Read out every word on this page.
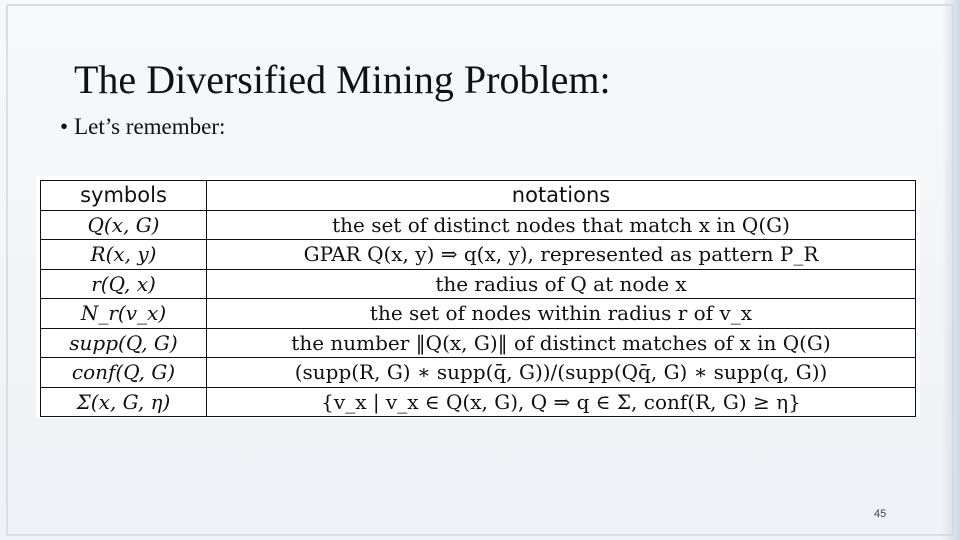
The Diversified Mining Problem:
• Let’s remember:
symbols	notations
Q(x, G)	the set of distinct nodes that match x in Q(G)
R(x, y)	GPAR Q(x, y) ⇒ q(x, y), represented as pattern P_R
r(Q, x)	the radius of Q at node x
N_r(v_x)	the set of nodes within radius r of v_x
supp(Q, G)	the number ‖Q(x, G)‖ of distinct matches of x in Q(G)
conf(Q, G)	(supp(R, G) ∗ supp(q̄, G))/(supp(Qq̄, G) ∗ supp(q, G))
Σ(x, G, η)	{v_x | v_x ∈ Q(x, G), Q ⇒ q ∈ Σ, conf(R, G) ≥ η}
45
